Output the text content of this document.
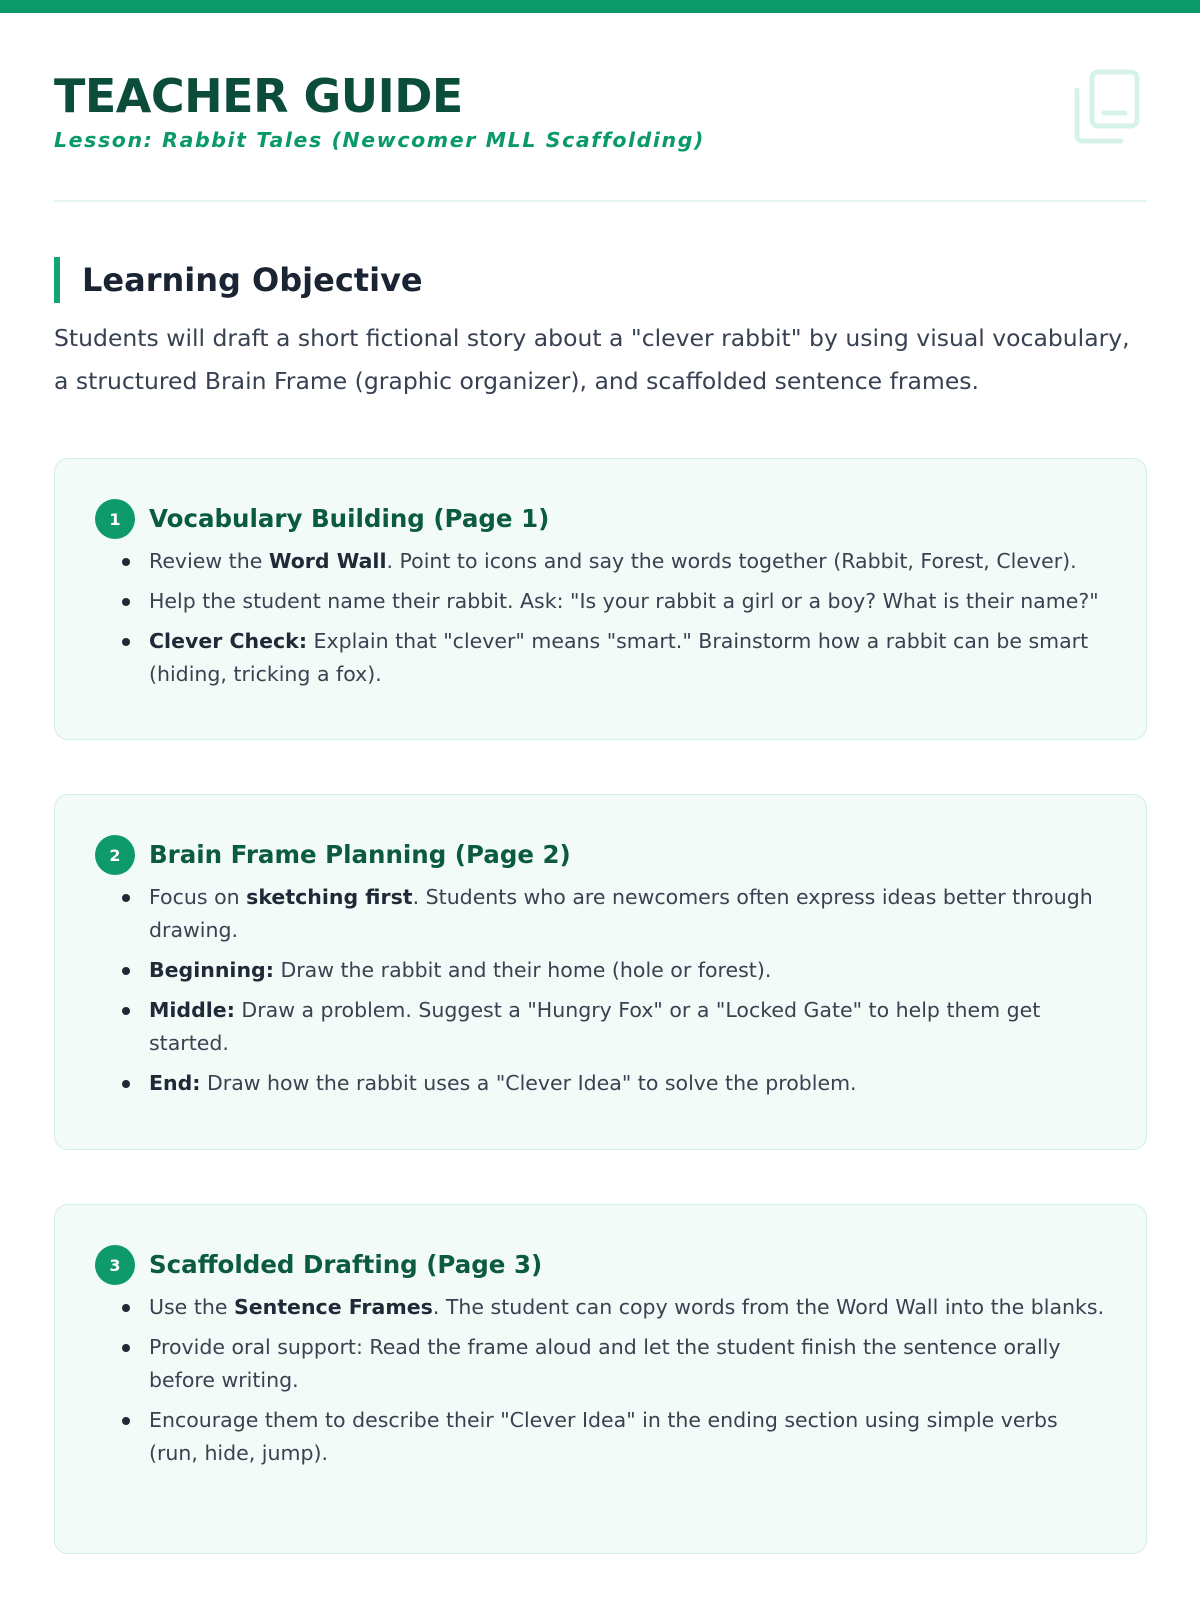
TEACHER GUIDE
Lesson: Rabbit Tales (Newcomer MLL Scaffolding)
Learning Objective

Students will draft a short fictional story about a "clever rabbit" by using visual vocabulary, a structured Brain Frame (graphic organizer), and scaffolded sentence frames.

1	Vocabulary Building (Page 1)
Review the Word Wall. Point to icons and say the words together (Rabbit, Forest, Clever).
Help the student name their rabbit. Ask: "Is your rabbit a girl or a boy? What is their name?"
Clever Check: Explain that "clever" means "smart." Brainstorm how a rabbit can be smart (hiding, tricking a fox).
2	Brain Frame Planning (Page 2)
Focus on sketching first. Students who are newcomers often express ideas better through drawing.
Beginning: Draw the rabbit and their home (hole or forest).
Middle: Draw a problem. Suggest a "Hungry Fox" or a "Locked Gate" to help them get started.
End: Draw how the rabbit uses a "Clever Idea" to solve the problem.
3	Scaffolded Drafting (Page 3)
Use the Sentence Frames. The student can copy words from the Word Wall into the blanks.
Provide oral support: Read the frame aloud and let the student finish the sentence orally before writing.
Encourage them to describe their "Clever Idea" in the ending section using simple verbs (run, hide, jump).
